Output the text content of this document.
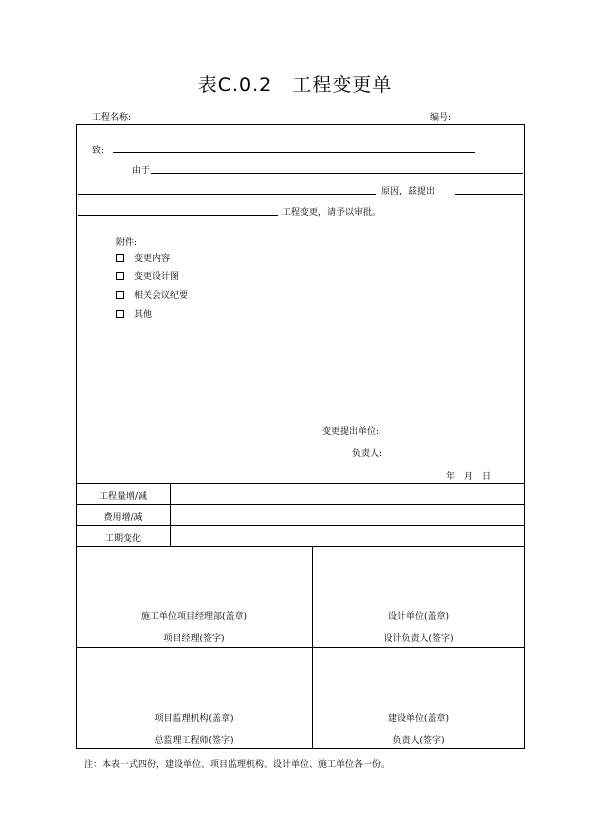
表C.0.2　工程变更单
工程名称:	编号:
致:
由于
原因，兹提出
工程变更，请予以审批。
附件:
变更内容
变更设计图
相关会议纪要
其他
变更提出单位:
负责人:
年　月　日
工程量增/减
费用增/减
工期变化
施工单位项目经理部(盖章)
项目经理(签字)
设计单位(盖章)
设计负责人(签字)
项目监理机构(盖章)
总监理工程师(签字)
建设单位(盖章)
负责人(签字)
注：本表一式四份，建设单位、项目监理机构、设计单位、施工单位各一份。
